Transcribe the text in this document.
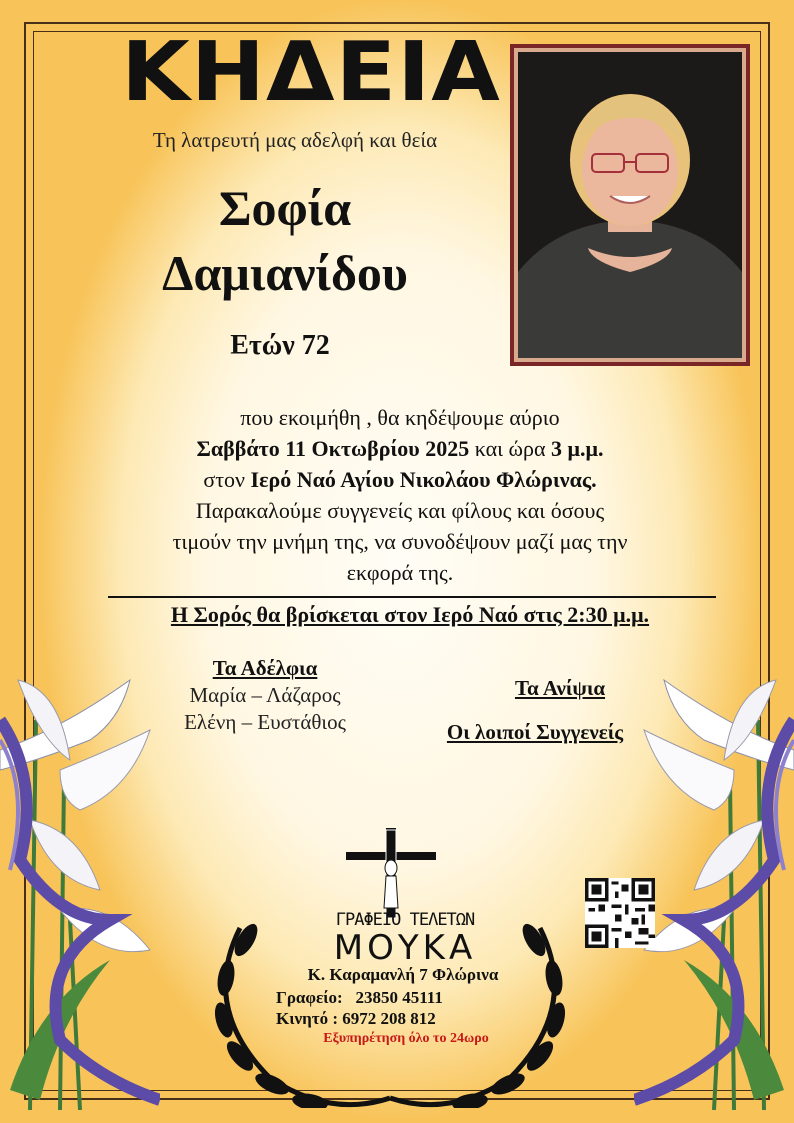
ΚΗΔΕΙΑ
Τη λατρευτή μας αδελφή και θεία
Σοφία
Δαμιανίδου
Ετών 72
που εκοιμήθη , θα κηδέψουμε αύριο
Σαββάτο 11 Οκτωβρίου 2025 και ώρα 3 μ.μ.
στον Ιερό Ναό Αγίου Νικολάου Φλώρινας.
Παρακαλούμε συγγενείς και φίλους και όσους
τιμούν την μνήμη της, να συνοδέψουν μαζί μας την
εκφορά της.
Η Σορός θα βρίσκεται στον Ιερό Ναό στις 2:30 μ.μ.
Τα Αδέλφια
Μαρία – Λάζαρος
Ελένη – Ευστάθιος
Τα Ανίψια
Οι λοιποί Συγγενείς
ΓΡΑΦΕΙΟ ΤΕΛΕΤΩΝ
ΜΟΥΚΑ
Κ. Καραμανλή 7 Φλώρινα
Γραφείο:   23850 45111
Κινητό : 6972 208 812
Εξυπηρέτηση όλο το 24ωρο
